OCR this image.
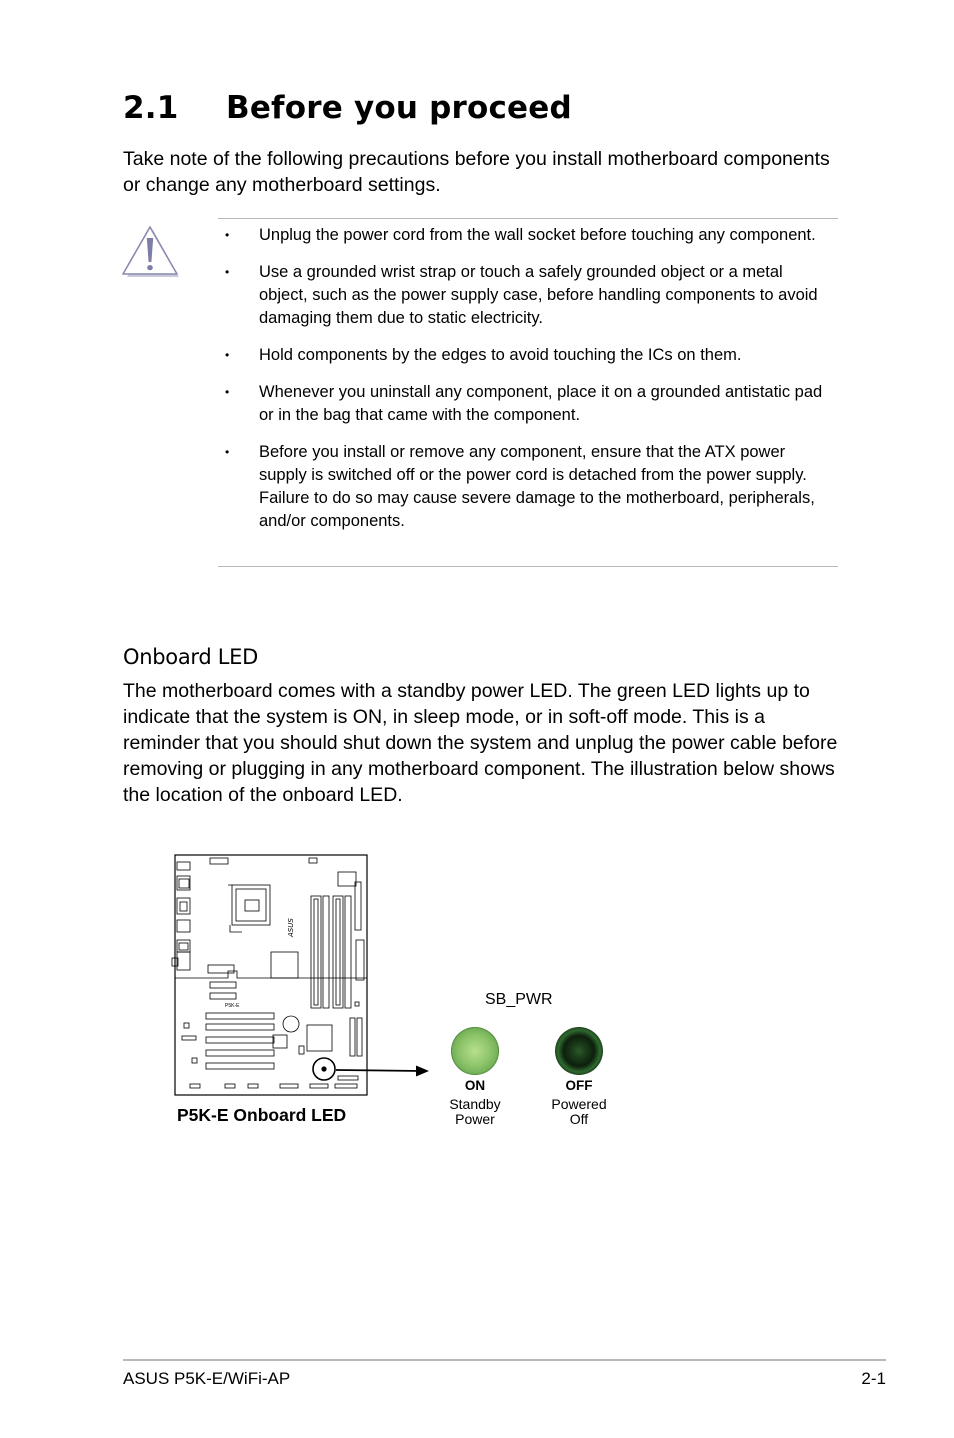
2.1 Before you proceed

Take note of the following precautions before you install motherboard components or change any motherboard settings.

• Unplug the power cord from the wall socket before touching any component.
• Use a grounded wrist strap or touch a safely grounded object or a metal object, such as the power supply case, before handling components to avoid damaging them due to static electricity.
• Hold components by the edges to avoid touching the ICs on them.
• Whenever you uninstall any component, place it on a grounded antistatic pad or in the bag that came with the component.
• Before you install or remove any component, ensure that the ATX power supply is switched off or the power cord is detached from the power supply. Failure to do so may cause severe damage to the motherboard, peripherals, and/or components.
Onboard LED

The motherboard comes with a standby power LED. The green LED lights up to indicate that the system is ON, in sleep mode, or in soft-off mode. This is a reminder that you should shut down the system and unplug the power cable before removing or plugging in any motherboard component. The illustration below shows the location of the onboard LED.

ASUS
P5K-E
P5K-E Onboard LED
SB_PWR
ON
Standby
Power
OFF
Powered
Off
ASUS P5K-E/WiFi-AP	2-1
